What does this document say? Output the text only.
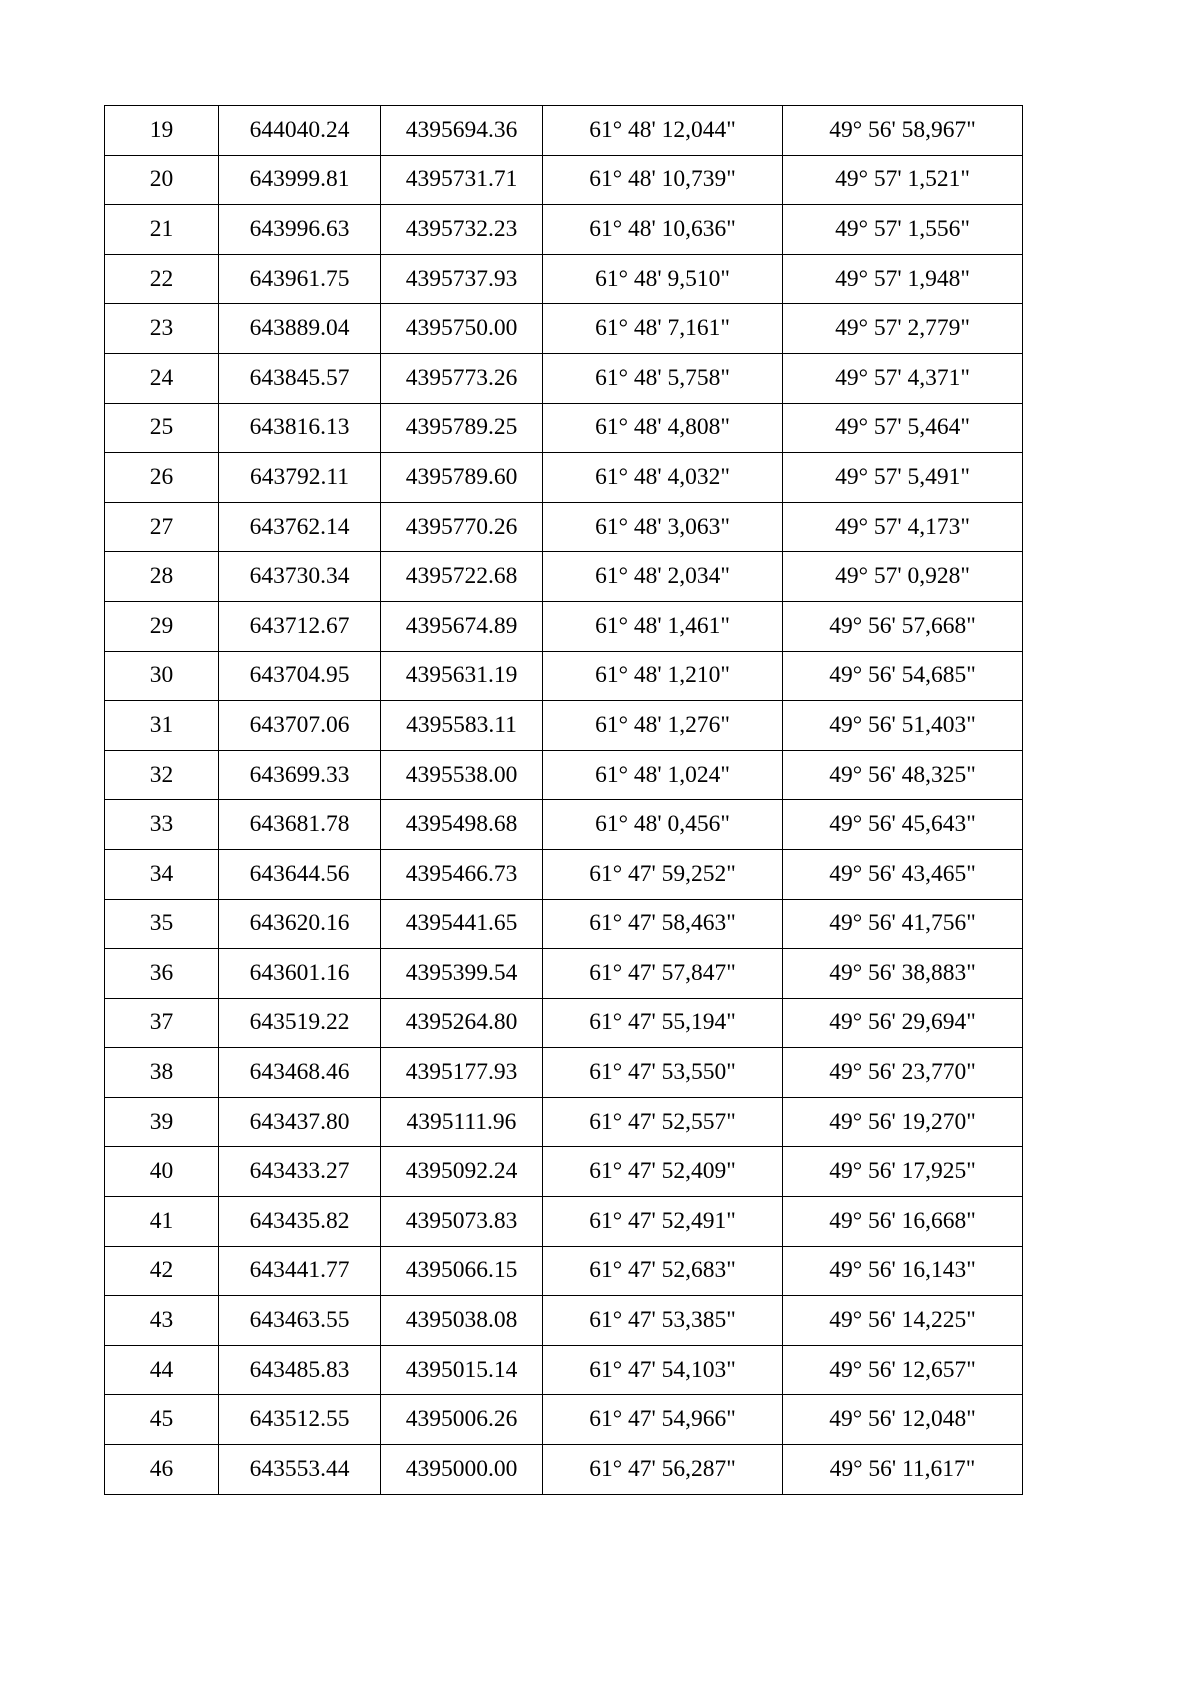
19	644040.24	4395694.36	61° 48' 12,044"	49° 56' 58,967"
20	643999.81	4395731.71	61° 48' 10,739"	49° 57' 1,521"
21	643996.63	4395732.23	61° 48' 10,636"	49° 57' 1,556"
22	643961.75	4395737.93	61° 48' 9,510"	49° 57' 1,948"
23	643889.04	4395750.00	61° 48' 7,161"	49° 57' 2,779"
24	643845.57	4395773.26	61° 48' 5,758"	49° 57' 4,371"
25	643816.13	4395789.25	61° 48' 4,808"	49° 57' 5,464"
26	643792.11	4395789.60	61° 48' 4,032"	49° 57' 5,491"
27	643762.14	4395770.26	61° 48' 3,063"	49° 57' 4,173"
28	643730.34	4395722.68	61° 48' 2,034"	49° 57' 0,928"
29	643712.67	4395674.89	61° 48' 1,461"	49° 56' 57,668"
30	643704.95	4395631.19	61° 48' 1,210"	49° 56' 54,685"
31	643707.06	4395583.11	61° 48' 1,276"	49° 56' 51,403"
32	643699.33	4395538.00	61° 48' 1,024"	49° 56' 48,325"
33	643681.78	4395498.68	61° 48' 0,456"	49° 56' 45,643"
34	643644.56	4395466.73	61° 47' 59,252"	49° 56' 43,465"
35	643620.16	4395441.65	61° 47' 58,463"	49° 56' 41,756"
36	643601.16	4395399.54	61° 47' 57,847"	49° 56' 38,883"
37	643519.22	4395264.80	61° 47' 55,194"	49° 56' 29,694"
38	643468.46	4395177.93	61° 47' 53,550"	49° 56' 23,770"
39	643437.80	4395111.96	61° 47' 52,557"	49° 56' 19,270"
40	643433.27	4395092.24	61° 47' 52,409"	49° 56' 17,925"
41	643435.82	4395073.83	61° 47' 52,491"	49° 56' 16,668"
42	643441.77	4395066.15	61° 47' 52,683"	49° 56' 16,143"
43	643463.55	4395038.08	61° 47' 53,385"	49° 56' 14,225"
44	643485.83	4395015.14	61° 47' 54,103"	49° 56' 12,657"
45	643512.55	4395006.26	61° 47' 54,966"	49° 56' 12,048"
46	643553.44	4395000.00	61° 47' 56,287"	49° 56' 11,617"
